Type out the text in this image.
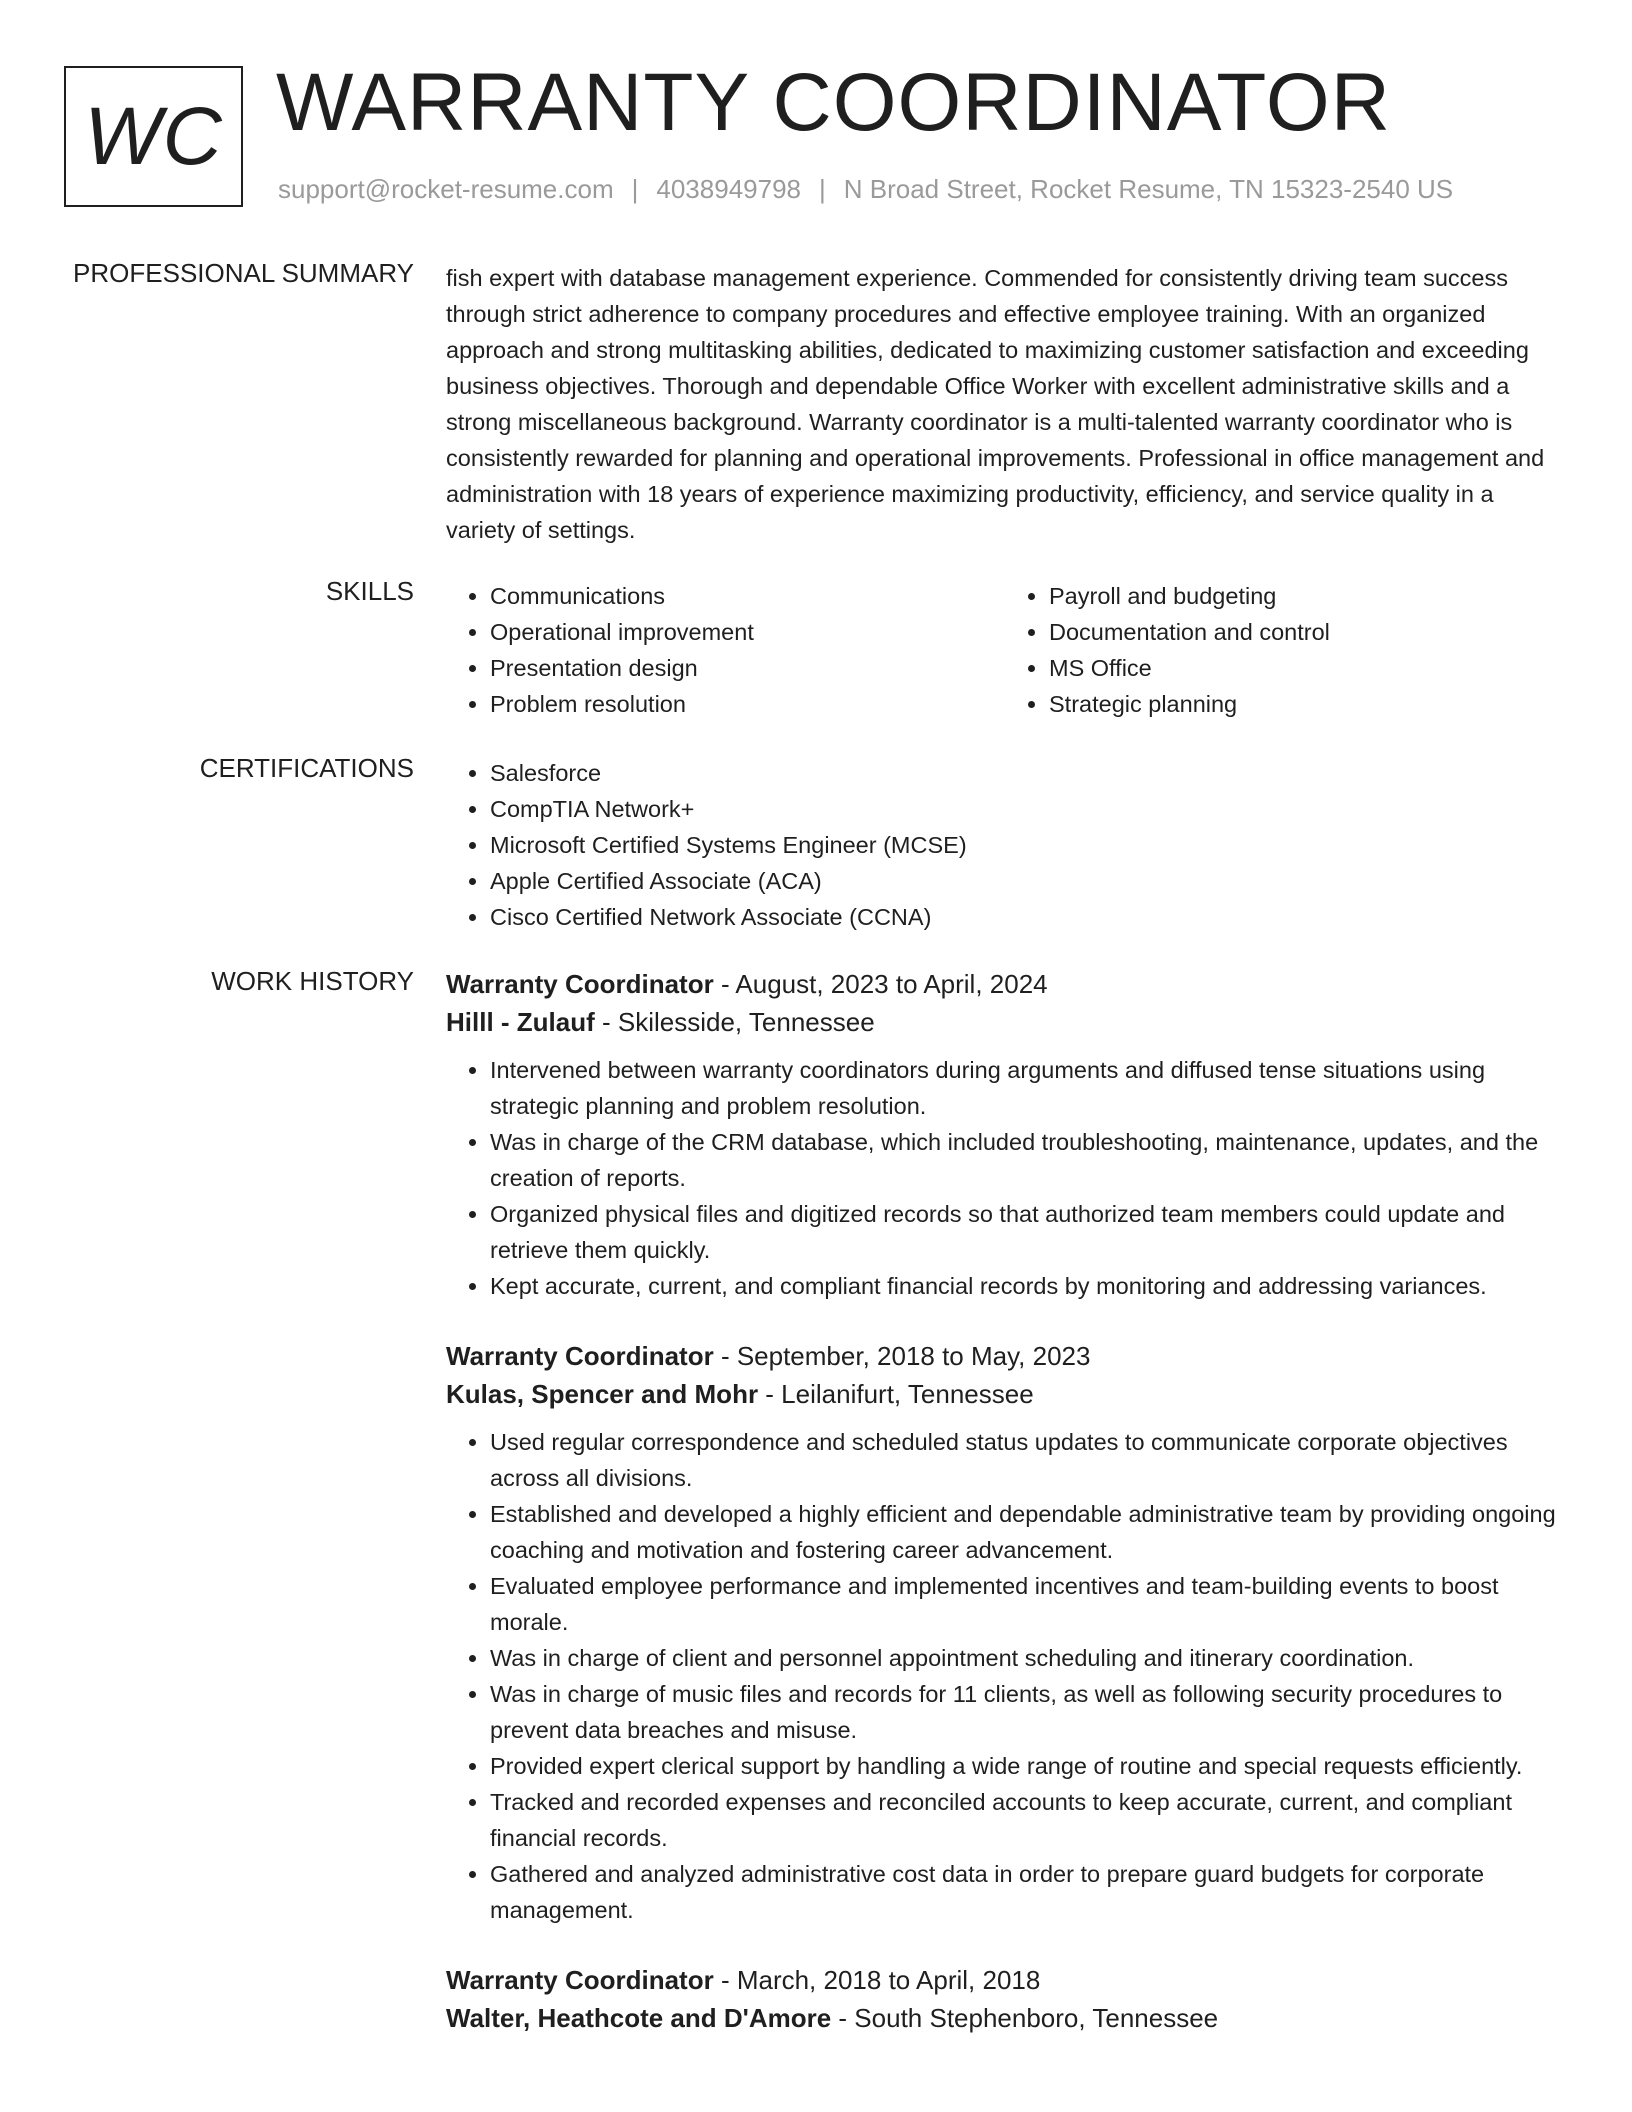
WC WARRANTY COORDINATOR
support@rocket-resume.com | 4038949798 | N Broad Street, Rocket Resume, TN 15323-2540 US
PROFESSIONAL SUMMARY fish expert with database management experience. Commended for consistently driving team success through strict adherence to company procedures and effective employee training. With an organized approach and strong multitasking abilities, dedicated to maximizing customer satisfaction and exceeding business objectives. Thorough and dependable Office Worker with excellent administrative skills and a strong miscellaneous background. Warranty coordinator is a multi-talented warranty coordinator who is consistently rewarded for planning and operational improvements. Professional in office management and administration with 18 years of experience maximizing productivity, efficiency, and service quality in a variety of settings.

SKILLS	• Communications
• Operational improvement
• Presentation design
• Problem resolution
• Payroll and budgeting
• Documentation and control
• MS Office
• Strategic planning
CERTIFICATIONS	• Salesforce
• CompTIA Network+
• Microsoft Certified Systems Engineer (MCSE)
• Apple Certified Associate (ACA)
• Cisco Certified Network Associate (CCNA)
WORK HISTORY Warranty Coordinator - August, 2023 to April, 2024
Hilll - Zulauf - Skilesside, Tennessee
• Intervened between warranty coordinators during arguments and diffused tense situations using strategic planning and problem resolution.
• Was in charge of the CRM database, which included troubleshooting, maintenance, updates, and the creation of reports.
• Organized physical files and digitized records so that authorized team members could update and retrieve them quickly.
• Kept accurate, current, and compliant financial records by monitoring and addressing variances.
Warranty Coordinator - September, 2018 to May, 2023
Kulas, Spencer and Mohr - Leilanifurt, Tennessee
• Used regular correspondence and scheduled status updates to communicate corporate objectives across all divisions.
• Established and developed a highly efficient and dependable administrative team by providing ongoing coaching and motivation and fostering career advancement.
• Evaluated employee performance and implemented incentives and team-building events to boost morale.
• Was in charge of client and personnel appointment scheduling and itinerary coordination.
• Was in charge of music files and records for 11 clients, as well as following security procedures to prevent data breaches and misuse.
• Provided expert clerical support by handling a wide range of routine and special requests efficiently.
• Tracked and recorded expenses and reconciled accounts to keep accurate, current, and compliant financial records.
• Gathered and analyzed administrative cost data in order to prepare guard budgets for corporate management.
Warranty Coordinator - March, 2018 to April, 2018
Walter, Heathcote and D'Amore - South Stephenboro, Tennessee
